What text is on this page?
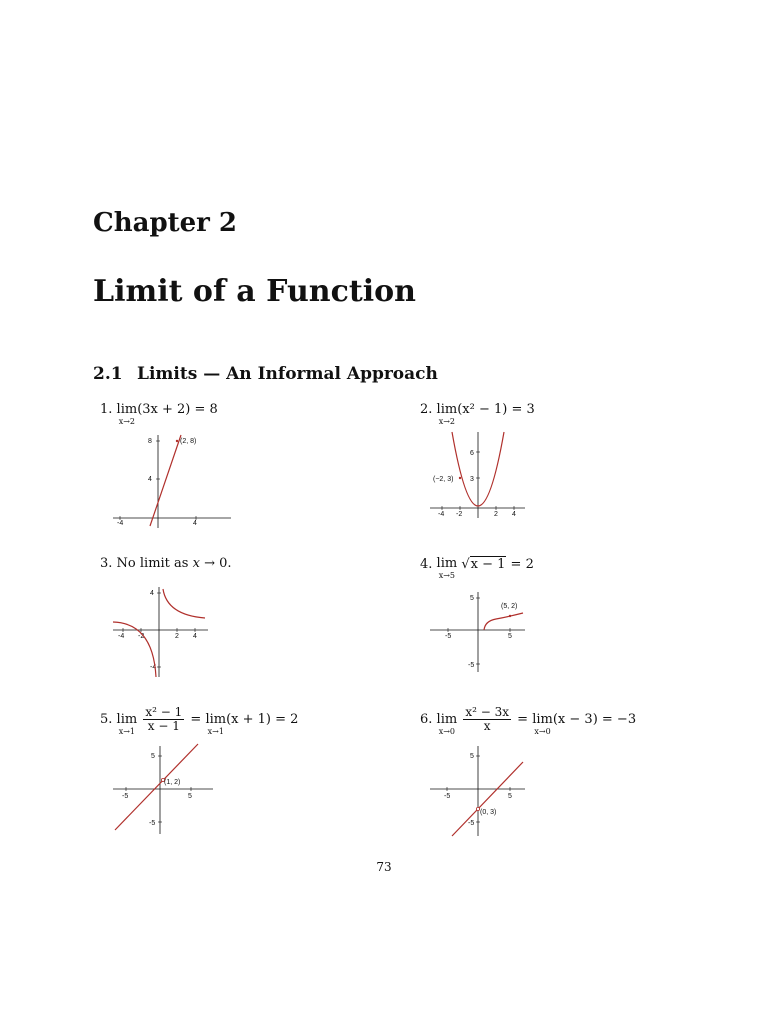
Chapter 2
Limit of a Function
2.1 Limits — An Informal Approach
1. lim
x→2
(3x + 2) = 8
-4	4
8
4
(2, 8)
2. lim
x→2
(x² − 1) = 3
-4 -2	2 4
6
3
(−2, 3)
3. No limit as x → 0.
-4 -2	2 4
4
-4
4. lim
x→5
√x − 1 = 2
-5	5
5
-5
(5, 2)
5. lim
x→1
$\frac{\text{x² − 1}}{x - 1} = \lim$
x→1
(x + 1) = 2
-5	5
5
-5
(1, 2)
6. lim
x→0
$\frac{\text{x² − 3x}}{x} = \lim$
x→0
(x − 3) = −3
-5	5
5
-5
(0, 3)
73
